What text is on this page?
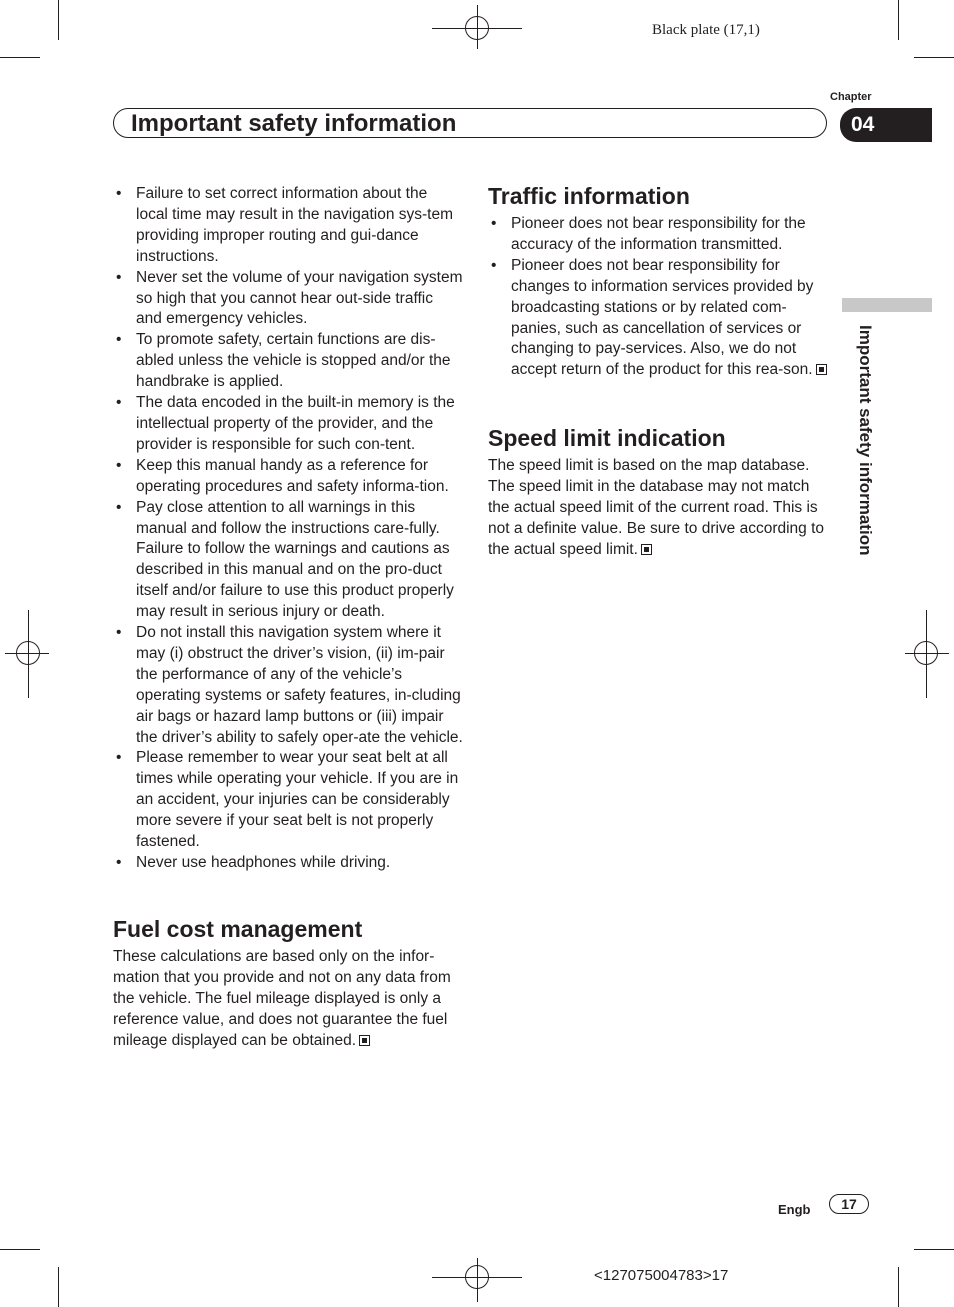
Black plate (17,1)
Chapter
Important safety information	04
Important safety information
• Failure to set correct information about the local time may result in the navigation sys-tem providing improper routing and gui-dance instructions.
• Never set the volume of your navigation system so high that you cannot hear out-side traffic and emergency vehicles.
• To promote safety, certain functions are dis-abled unless the vehicle is stopped and/or the handbrake is applied.
• The data encoded in the built-in memory is the intellectual property of the provider, and the provider is responsible for such con-tent.
• Keep this manual handy as a reference for operating procedures and safety informa-tion.
• Pay close attention to all warnings in this manual and follow the instructions care-fully.
Failure to follow the warnings and cautions as described in this manual and on the pro-duct itself and/or failure to use this product properly may result in serious injury or death.
• Do not install this navigation system where it may (i) obstruct the driver’s vision, (ii) im-pair the performance of any of the vehicle’s operating systems or safety features, in-cluding air bags or hazard lamp buttons or (iii) impair the driver’s ability to safely oper-ate the vehicle.
• Please remember to wear your seat belt at all times while operating your vehicle. If you are in an accident, your injuries can be considerably more severe if your seat belt is not properly fastened.
• Never use headphones while driving.
Fuel cost management

These calculations are based only on the infor-mation that you provide and not on any data from the vehicle. The fuel mileage displayed is only a reference value, and does not guarantee the fuel mileage displayed can be obtained.

Traffic information
• Pioneer does not bear responsibility for the accuracy of the information transmitted.
• Pioneer does not bear responsibility for changes to information services provided by broadcasting stations or by related com-panies, such as cancellation of services or changing to pay-services. Also, we do not accept return of the product for this rea-son.
Speed limit indication

The speed limit is based on the map database. The speed limit in the database may not match the actual speed limit of the current road. This is not a definite value. Be sure to drive according to the actual speed limit.

Engb	17
<127075004783>17
